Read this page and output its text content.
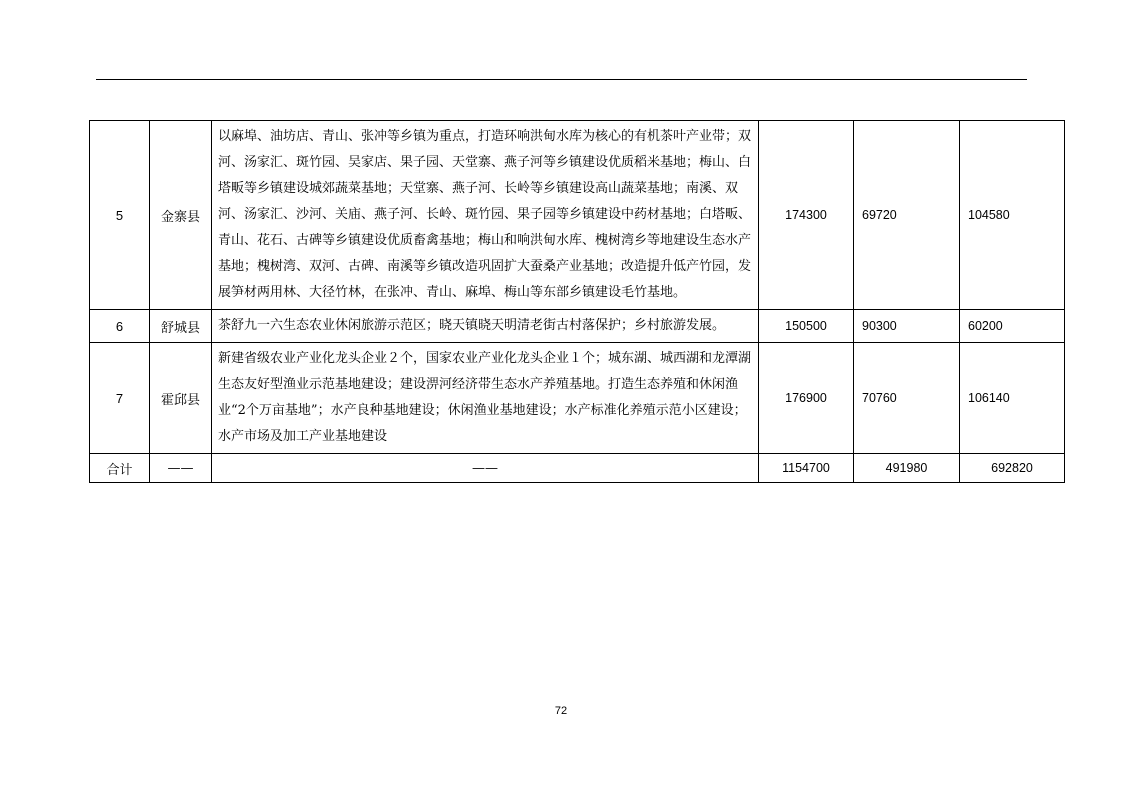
5	金寨县	以麻埠、油坊店、青山、张冲等乡镇为重点，打造环响洪甸水库为核心的有机茶叶产业带；双河、汤家汇、斑竹园、吴家店、果子园、天堂寨、燕子河等乡镇建设优质稻米基地；梅山、白塔畈等乡镇建设城郊蔬菜基地；天堂寨、燕子河、长岭等乡镇建设高山蔬菜基地；南溪、双河、汤家汇、沙河、关庙、燕子河、长岭、斑竹园、果子园等乡镇建设中药材基地；白塔畈、青山、花石、古碑等乡镇建设优质畜禽基地；梅山和响洪甸水库、槐树湾乡等地建设生态水产基地；槐树湾、双河、古碑、南溪等乡镇改造巩固扩大蚕桑产业基地；改造提升低产竹园，发展笋材两用林、大径竹林，在张冲、青山、麻埠、梅山等东部乡镇建设毛竹基地。	174300	69720	104580
6	舒城县	茶舒九一六生态农业休闲旅游示范区；晓天镇晓天明清老街古村落保护；乡村旅游发展。	150500	90300	60200
7	霍邱县	新建省级农业产业化龙头企业２个，国家农业产业化龙头企业１个；城东湖、城西湖和龙潭湖生态友好型渔业示范基地建设；建设淠河经济带生态水产养殖基地。打造生态养殖和休闲渔业“2个万亩基地”；水产良种基地建设；休闲渔业基地建设；水产标准化养殖示范小区建设；水产市场及加工产业基地建设	176900	70760	106140
合计	——	——	1154700	491980	692820
72
